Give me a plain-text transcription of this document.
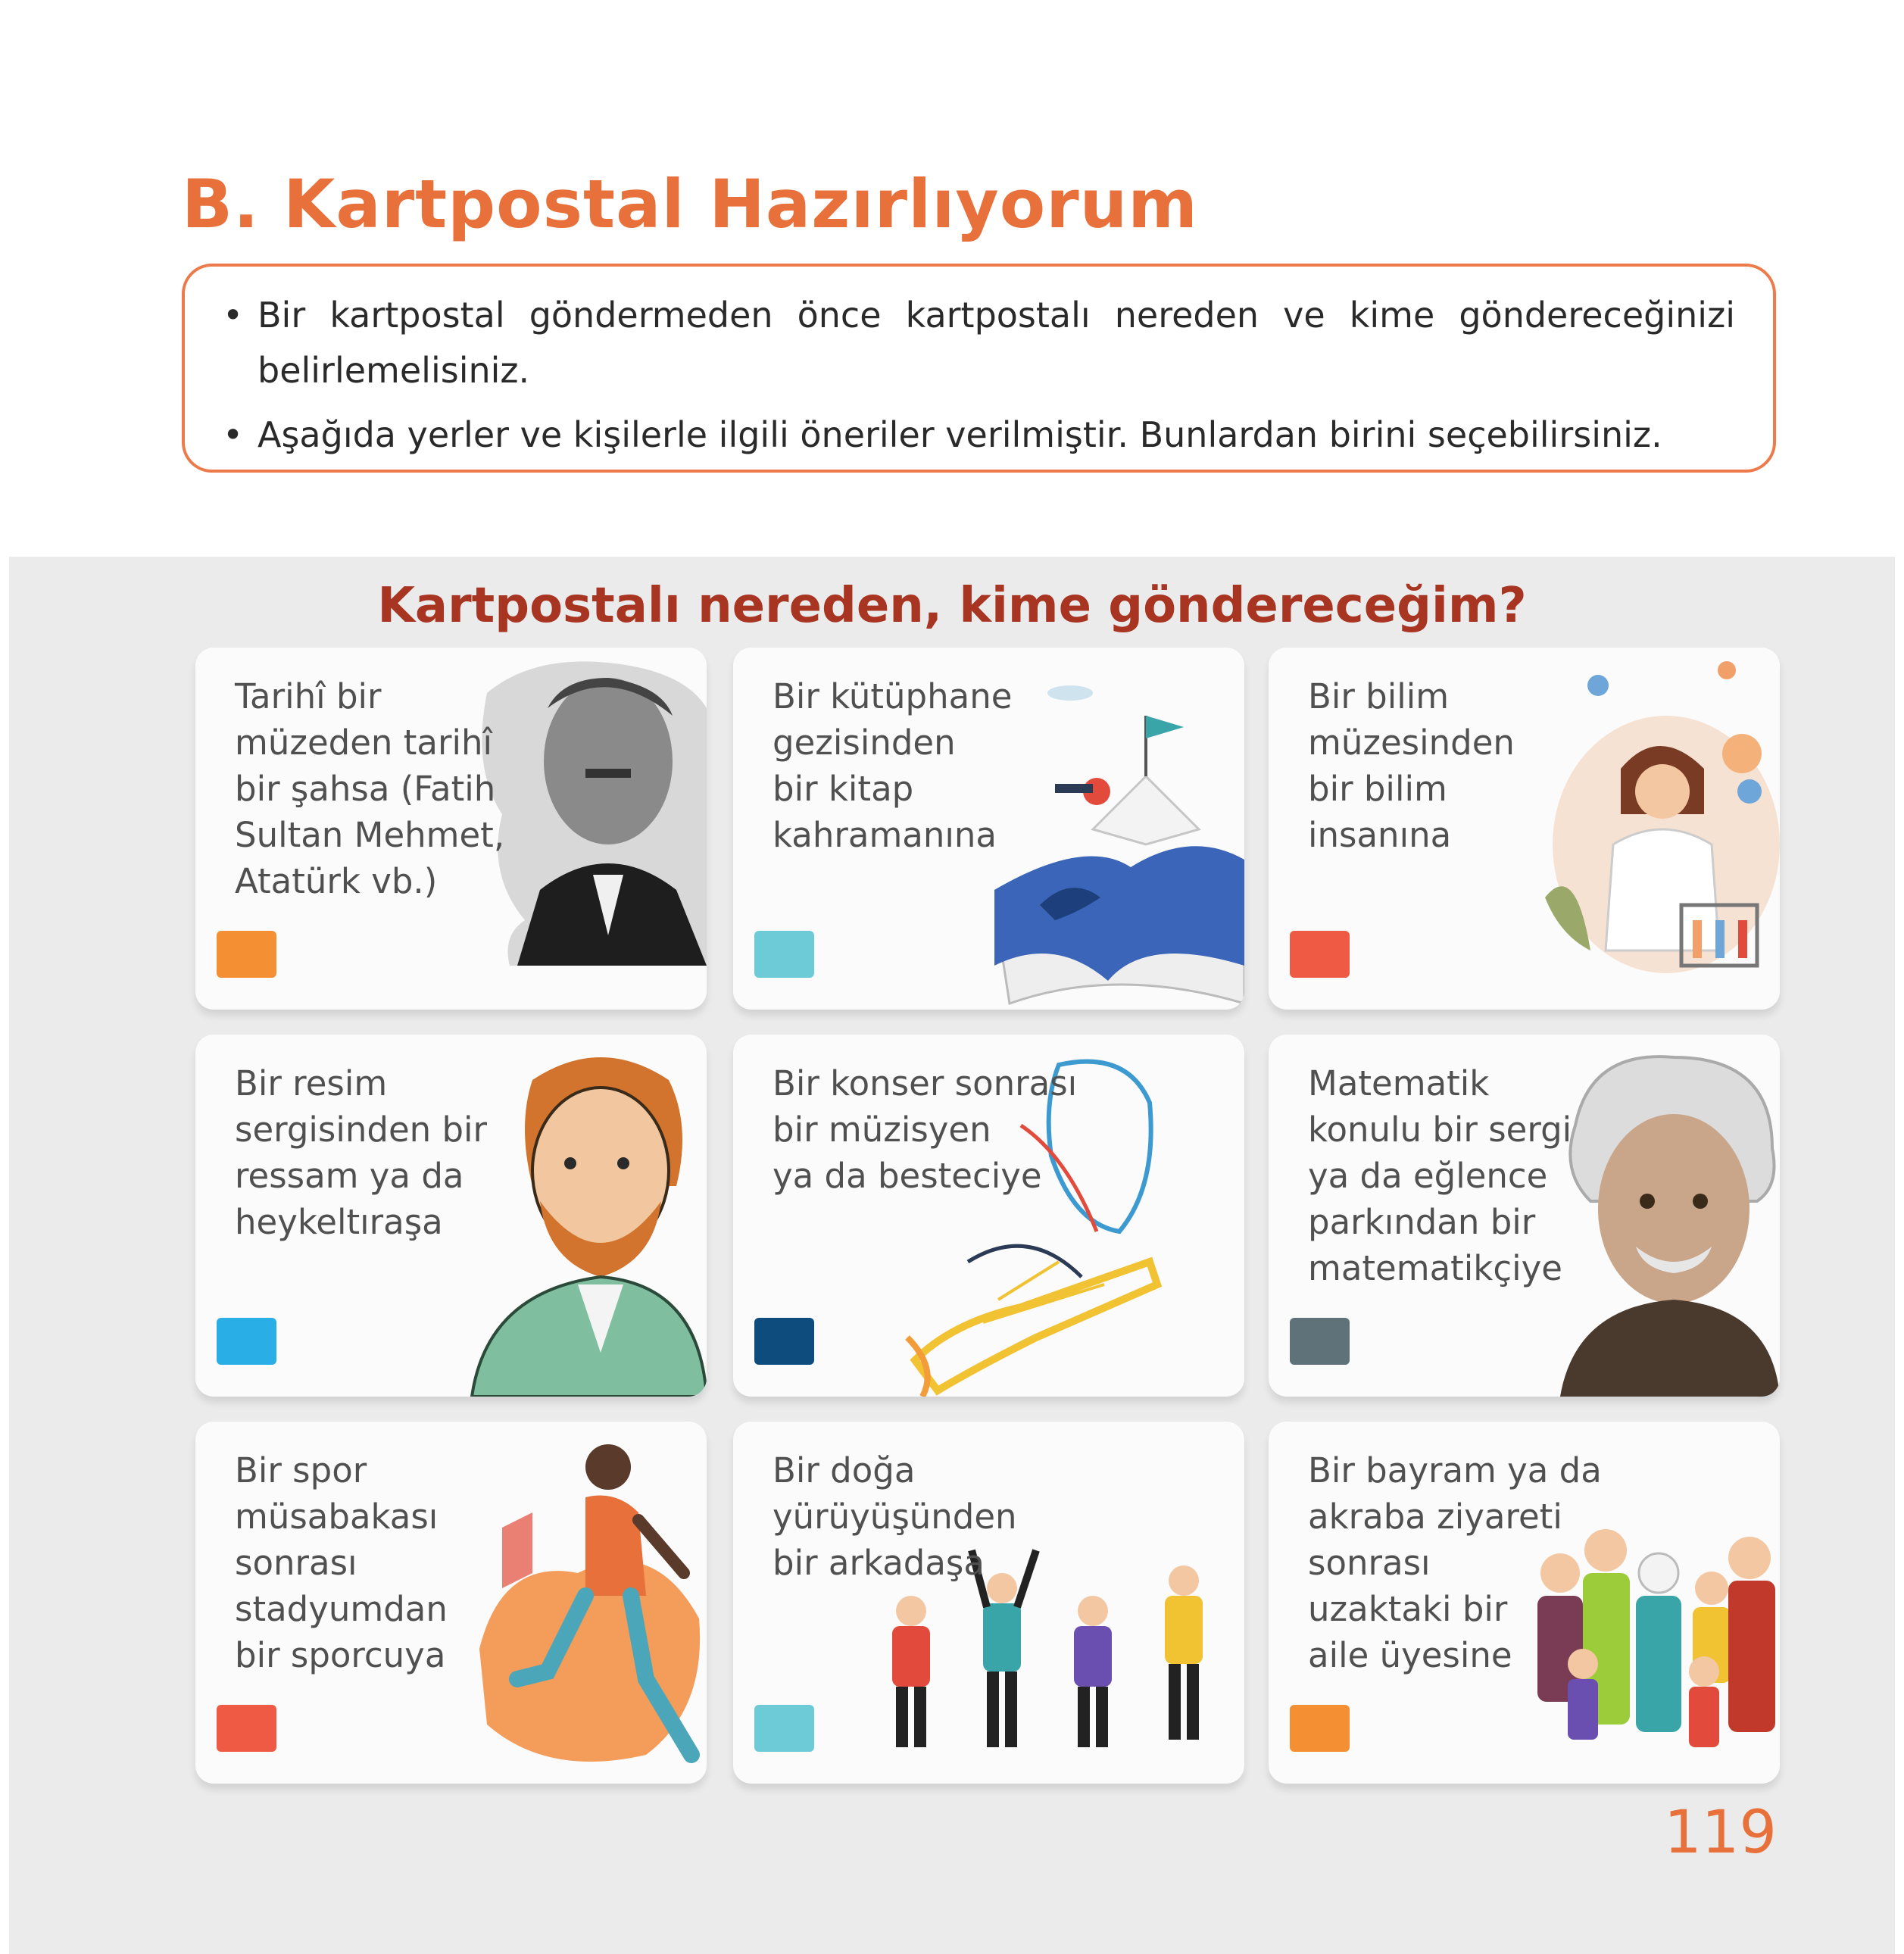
B. Kartpostal Hazırlıyorum
• Bir kartpostal göndermeden önce kartpostalı nereden ve kime göndereceğinizi belirlemelisiniz.
• Aşağıda yerler ve kişilerle ilgili öneriler verilmiştir. Bunlardan birini seçebilirsiniz.
Kartpostalı nereden, kime göndereceğim?
Tarihî bir
müzeden tarihî
bir şahsa (Fatih
Sultan Mehmet,
Atatürk vb.)
Bir kütüphane
gezisinden
bir kitap
kahramanına
Bir bilim
müzesinden
bir bilim
insanına
Bir resim
sergisinden bir
ressam ya da
heykeltıraşa
Bir konser sonrası
bir müzisyen
ya da besteciye
Matematik
konulu bir sergi
ya da eğlence
parkından bir
matematikçiye
Bir spor
müsabakası
sonrası
stadyumdan
bir sporcuya
Bir doğa
yürüyüşünden
bir arkadaşa
Bir bayram ya da
akraba ziyareti
sonrası
uzaktaki bir
aile üyesine

119
